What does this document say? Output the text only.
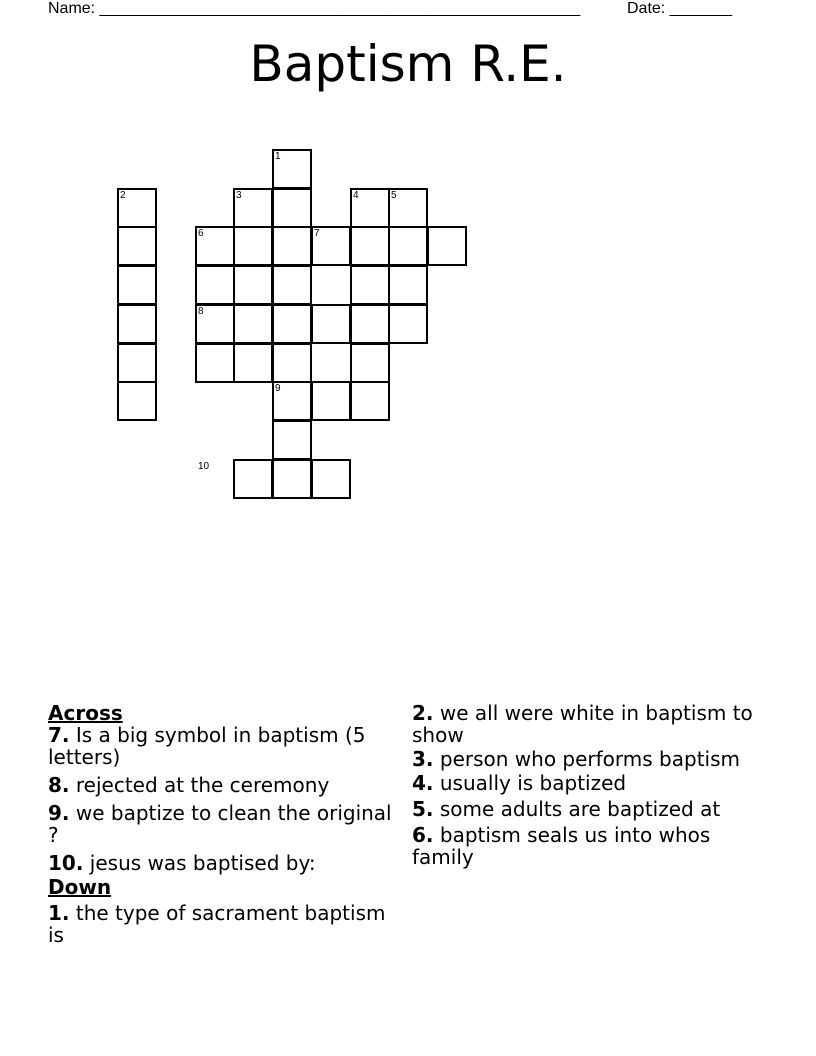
Name: ______________________________________________________	Date: _______
Baptism R.E.
1
2	3	4	5
6	7
8
9
10
Across
7. Is a big symbol in baptism (5 letters)
8. rejected at the ceremony
9. we baptize to clean the original ?
10. jesus was baptised by:
Down
1. the type of sacrament baptism is
2. we all were white in baptism to show
3. person who performs baptism
4. usually is baptized
5. some adults are baptized at
6. baptism seals us into whos family
